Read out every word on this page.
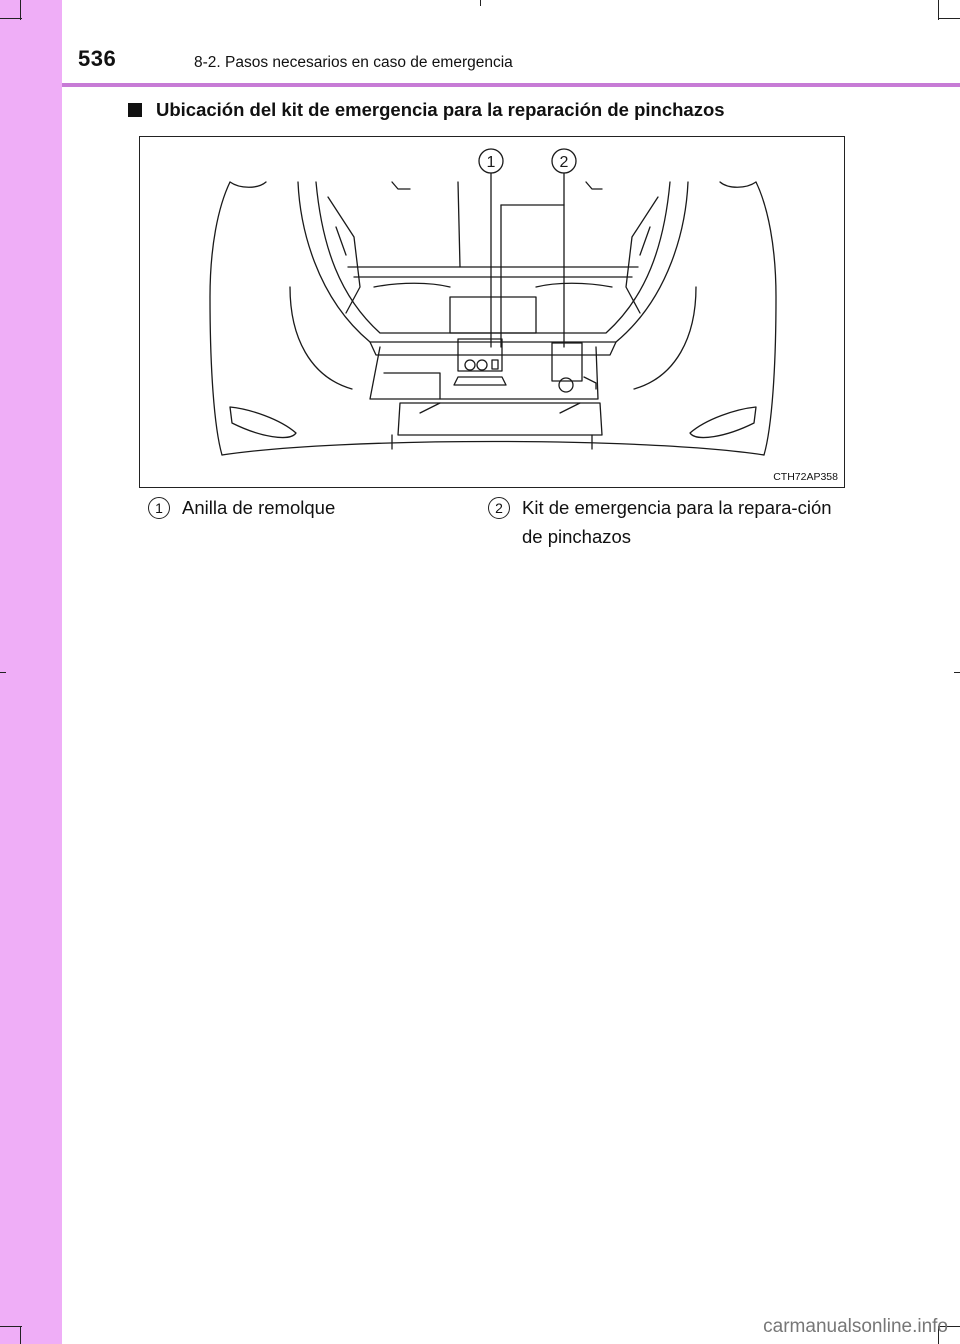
536	8-2. Pasos necesarios en caso de emergencia
Ubicación del kit de emergencia para la reparación de pinchazos
1	2
CTH72AP358
1	Anilla de remolque	2	Kit de emergencia para la repara-ción de pinchazos
carmanualsonline.info
